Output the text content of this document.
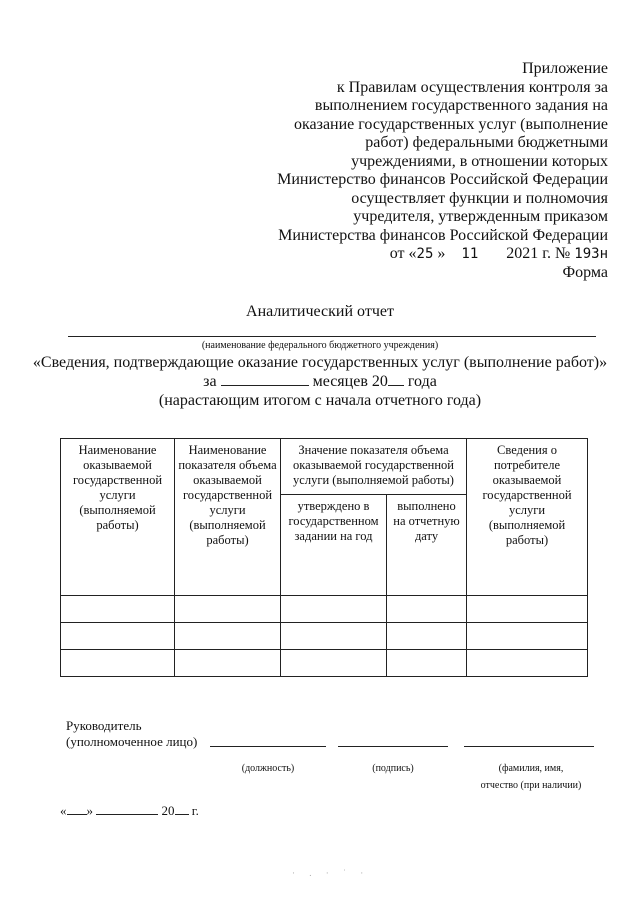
Приложение
к Правилам осуществления контроля за
выполнением государственного задания на
оказание государственных услуг (выполнение
работ) федеральными бюджетными
учреждениями, в отношении которых
Министерство финансов Российской Федерации
осуществляет функции и полномочия
учредителя, утвержденным приказом
Министерства финансов Российской Федерации
от «25 » 11 2021 г. № 193н
Форма
Аналитический отчет
(наименование федерального бюджетного учреждения)
«Сведения, подтверждающие оказание государственных услуг (выполнение работ)»
за	месяцев 20 года
(нарастающим итогом с начала отчетного года)
Наименование оказываемой государственной услуги (выполняемой работы)	Наименование показателя объема оказываемой государственной услуги (выполняемой работы)	Значение показателя объема оказываемой государственной услуги (выполняемой работы)		Сведения о потребителе оказываемой государственной услуги (выполняемой работы)
		утверждено в государственном задании на год	выполнено на отчетную дату	

Руководитель
(уполномоченное лицо)
(должность)	(подпись)	(фамилия, имя,
отчество (при наличии)
« »	20 г.
· . · ˙ ·
